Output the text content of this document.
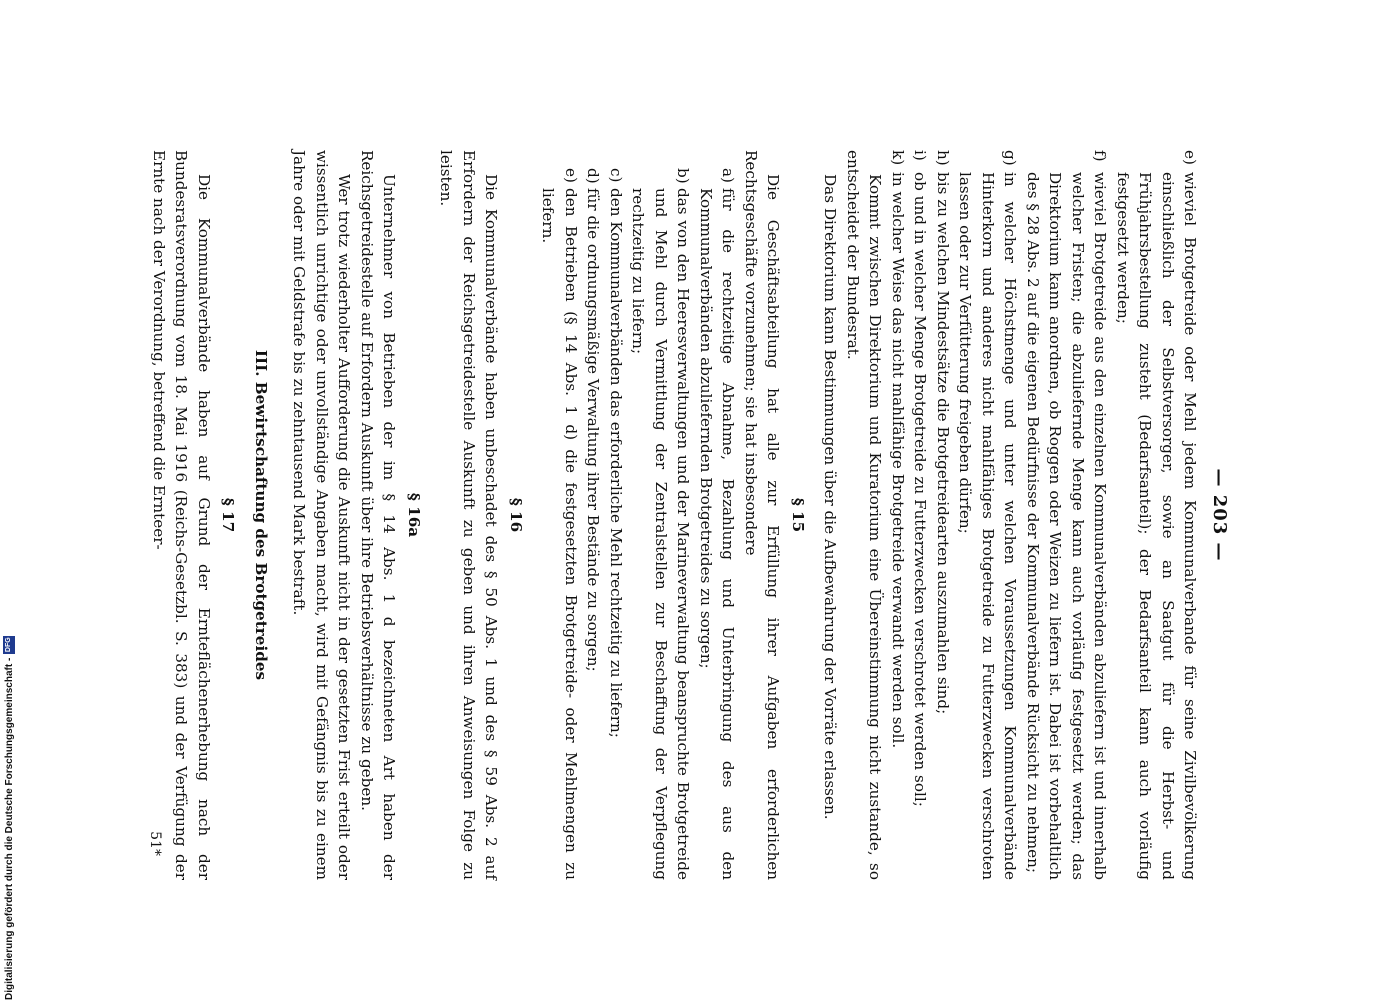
Digitalisierung gefördert durch die Deutsche Forschungsgemeinschaft -
DFG
— 203 —
e)
wieviel Brotgetreide oder Mehl jedem Kommunalverbande für seine Zivilbevölkerung einschließlich der Selbstversorger, sowie an Saatgut für die Herbst- und Frühjahrsbestellung zusteht (Bedarfsanteil); der Bedarfsanteil kann auch vorläufig festgesetzt werden;
f)
wieviel Brotgetreide aus den einzelnen Kommunalverbänden abzuliefern ist und innerhalb welcher Fristen; die abzuliefernde Menge kann auch vorläufig festgesetzt werden; das Direktorium kann anordnen, ob Roggen oder Weizen zu liefern ist. Dabei ist vorbehaltlich des § 28 Abs. 2 auf die eigenen Bedürfnisse der Kommunalverbände Rücksicht zu nehmen;
g)
in welcher Höchstmenge und unter welchen Voraussetzungen Kommunalverbände Hinterkorn und anderes nicht mahlfähiges Brotgetreide zu Futterzwecken verschroten lassen oder zur Verfütterung freigeben dürfen;
h)
bis zu welchen Mindestsätze die Brotgetreidearten auszumahlen sind;
i)
ob und in welcher Menge Brotgetreide zu Futterzwecken verschrotet werden soll;
k)
in welcher Weise das nicht mahlfähige Brotgetreide verwandt werden soll.

Kommt zwischen Direktorium und Kuratorium eine Übereinstimmung nicht zustande, so entscheidet der Bundesrat.

Das Direktorium kann Bestimmungen über die Aufbewahrung der Vorräte erlassen.

§ 15

Die Geschäftsabteilung hat alle zur Erfüllung ihrer Aufgaben erforderlichen Rechtsgeschäfte vorzunehmen; sie hat insbesondere

a)
für die rechtzeitige Abnahme, Bezahlung und Unterbringung des aus den Kommunalverbänden abzuliefernden Brotgetreides zu sorgen;
b)
das von den Heeresverwaltungen und der Marineverwaltung beanspruchte Brotgetreide und Mehl durch Vermittlung der Zentralstellen zur Beschaffung der Verpflegung rechtzeitig zu liefern;
c)
den Kommunalverbänden das erforderliche Mehl rechtzeitig zu liefern;
d)
für die ordnungsmäßige Verwaltung ihrer Bestände zu sorgen;
e)
den Betrieben (§ 14 Abs. 1 d) die festgesetzten Brotgetreide- oder Mehlmengen zu liefern.
§ 16

Die Kommunalverbände haben unbeschadet des § 50 Abs. 1 und des § 59 Abs. 2 auf Erfordern der Reichsgetreidestelle Auskunft zu geben und ihren Anweisungen Folge zu leisten.

§ 16a

Unternehmer von Betrieben der im § 14 Abs. 1 d bezeichneten Art haben der Reichsgetreidestelle auf Erfordern Auskunft über ihre Betriebsverhältnisse zu geben.

Wer trotz wiederholter Aufforderung die Auskunft nicht in der gesetzten Frist erteilt oder wissentlich unrichtige oder unvollständige Angaben macht, wird mit Gefängnis bis zu einem Jahre oder mit Geldstrafe bis zu zehntausend Mark bestraft.

III. Bewirtschaftung des Brotgetreides
§ 17

Die Kommunalverbände haben auf Grund der Ernteflächenerhebung nach der Bundesratsverordnung vom 18. Mai 1916 (Reichs-Gesetzbl. S. 383) und der Verfügung der Ernte nach der Verordnung, betreffend die Ernteer-

51*
